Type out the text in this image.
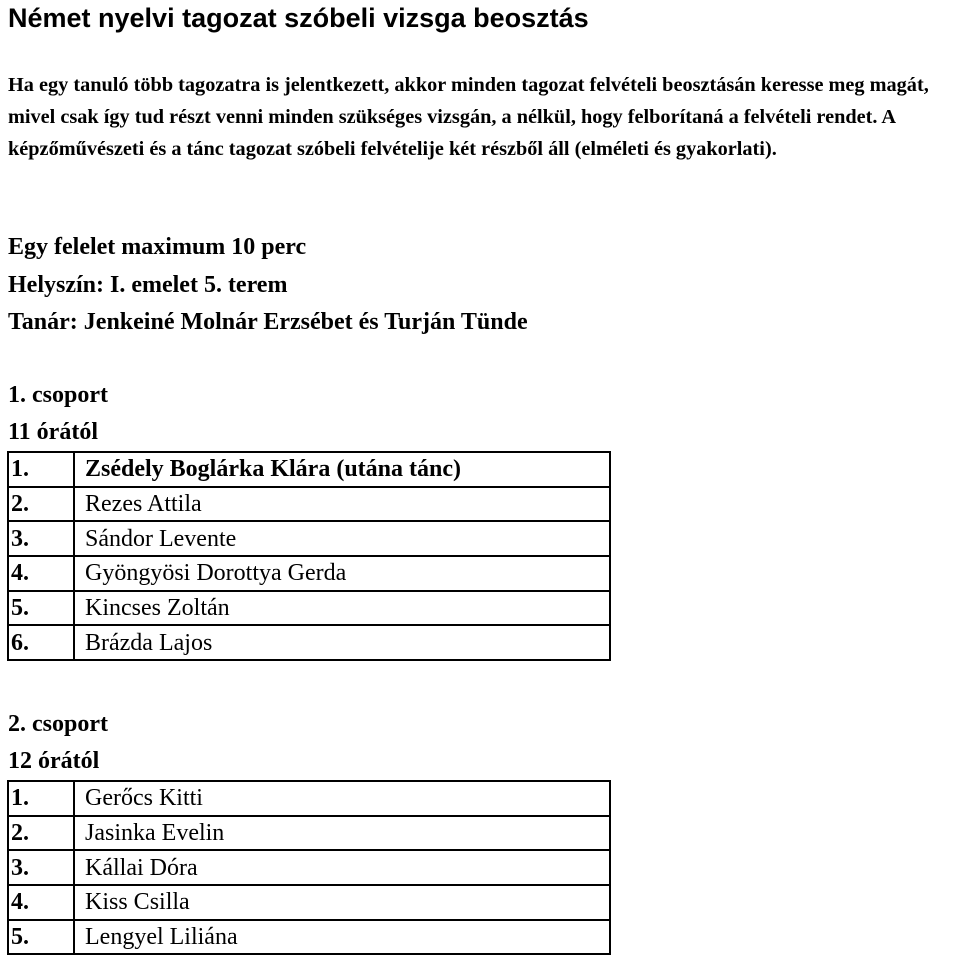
Német nyelvi tagozat szóbeli vizsga beosztás

Ha egy tanuló több tagozatra is jelentkezett, akkor minden tagozat felvételi beosztásán keresse meg magát, mivel csak így tud részt venni minden szükséges vizsgán, a nélkül, hogy felborítaná a felvételi rendet. A képzőművészeti és a tánc tagozat szóbeli felvételije két részből áll (elméleti és gyakorlati).

Egy felelet maximum 10 perc
Helyszín: I. emelet 5. terem
Tanár: Jenkeiné Molnár Erzsébet és Turján Tünde
1. csoport
11 órától
1.	Zsédely Boglárka Klára (utána tánc)
2.	Rezes Attila
3.	Sándor Levente
4.	Gyöngyösi Dorottya Gerda
5.	Kincses Zoltán
6.	Brázda Lajos
2. csoport
12 órától
1.	Gerőcs Kitti
2.	Jasinka Evelin
3.	Kállai Dóra
4.	Kiss Csilla
5.	Lengyel Liliána
